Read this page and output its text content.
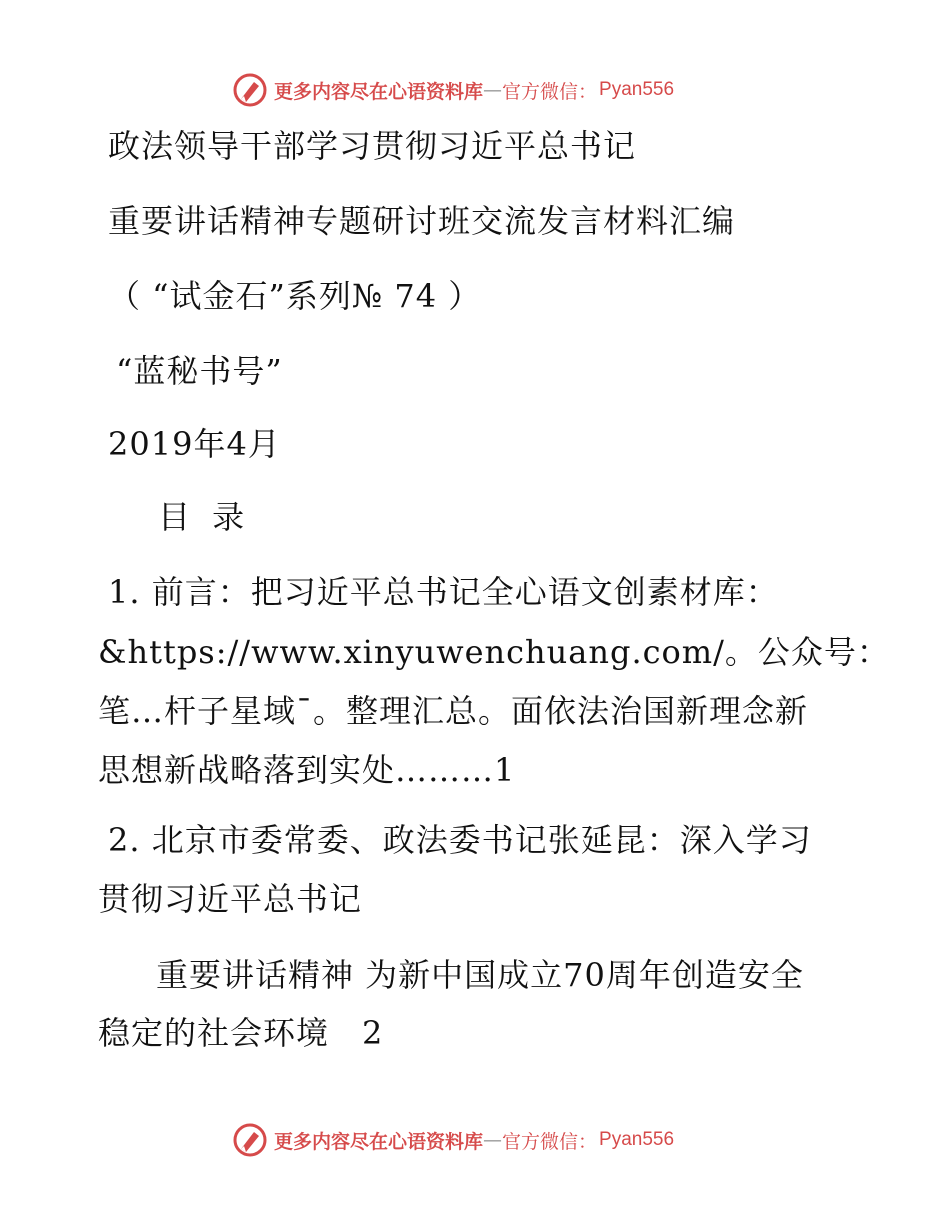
更多内容尽在心语资料库 — 官方微信： Pyan556
政法领导干部学习贯彻习近平总书记
重要讲话精神专题研讨班交流发言材料汇编
（ “试金石”系列№ 74 ）
“蓝秘书号”
2019年4月
目 录
1. 前言：把习近平总书记全心语文创素材库：
&https://www.xinyuwenchuang.com/。公众号：
笔…杆子星域¯。整理汇总。面依法治国新理念新
思想新战略落到实处………1
2. 北京市委常委、政法委书记张延昆：深入学习
贯彻习近平总书记
重要讲话精神 为新中国成立70周年创造安全
稳定的社会环境　2
更多内容尽在心语资料库 — 官方微信： Pyan556
